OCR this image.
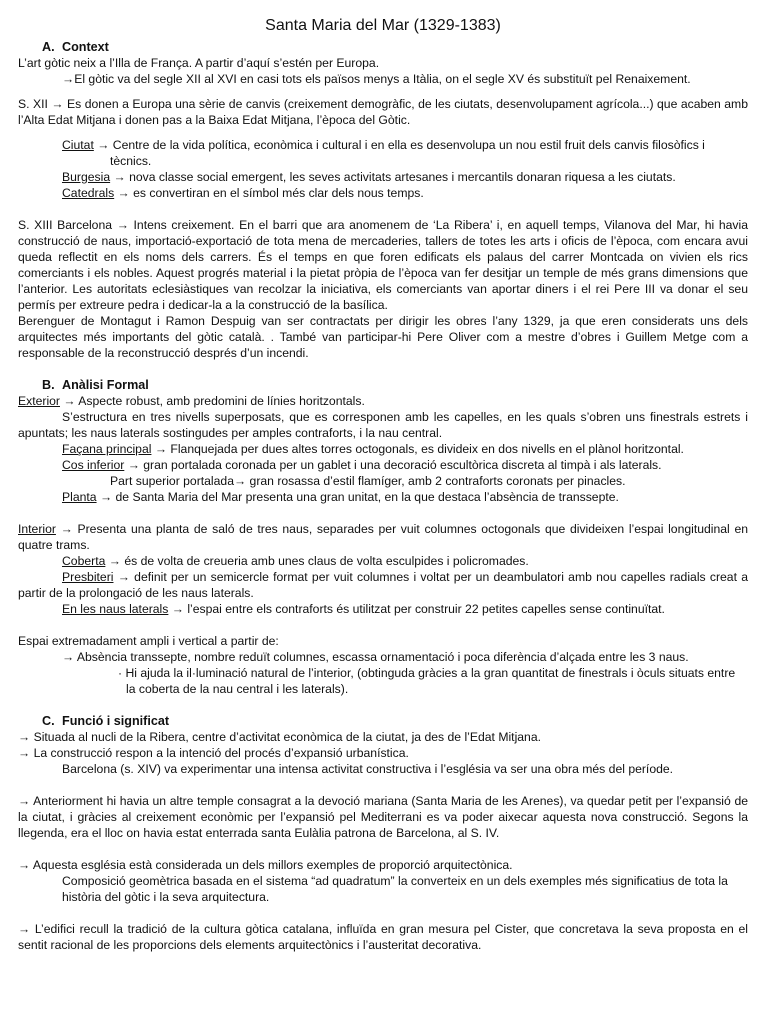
Santa Maria del Mar (1329-1383)
A. Context

L’art gòtic neix a l’Illa de França. A partir d’aquí s’estén per Europa.

→El gòtic va del segle XII al XVI en casi tots els països menys a Itàlia, on el segle XV és substituït pel Renaixement.

S. XII → Es donen a Europa una sèrie de canvis (creixement demogràfic, de les ciutats, desenvolupament agrícola...) que acaben amb l’Alta Edat Mitjana i donen pas a la Baixa Edat Mitjana, l’època del Gòtic.

Ciutat → Centre de la vida política, econòmica i cultural i en ella es desenvolupa un nou estil fruit dels canvis filosòfics i tècnics.

Burgesia → nova classe social emergent, les seves activitats artesanes i mercantils donaran riquesa a les ciutats.

Catedrals → es convertiran en el símbol més clar dels nous temps.

S. XIII Barcelona → Intens creixement. En el barri que ara anomenem de ‘La Ribera’ i, en aquell temps, Vilanova del Mar, hi havia construcció de naus, importació-exportació de tota mena de mercaderies, tallers de totes les arts i oficis de l’època, com encara avui queda reflectit en els noms dels carrers. És el temps en que foren edificats els palaus del carrer Montcada on vivien els rics comerciants i els nobles. Aquest progrés material i la pietat pròpia de l’època van fer desitjar un temple de més grans dimensions que l’anterior. Les autoritats eclesiàstiques van recolzar la iniciativa, els comerciants van aportar diners i el rei Pere III va donar el seu permís per extreure pedra i dedicar-la a la construcció de la basílica.

Berenguer de Montagut i Ramon Despuig van ser contractats per dirigir les obres l’any 1329, ja que eren considerats uns dels arquitectes més importants del gòtic català. . També van participar-hi Pere Oliver com a mestre d’obres i Guillem Metge com a responsable de la reconstrucció després d’un incendi.

B. Anàlisi Formal

Exterior → Aspecte robust, amb predomini de línies horitzontals.

S’estructura en tres nivells superposats, que es corresponen amb les capelles, en les quals s’obren uns finestrals estrets i apuntats; les naus laterals sostingudes per amples contraforts, i la nau central.

Façana principal → Flanquejada per dues altes torres octogonals, es divideix en dos nivells en el plànol horitzontal.

Cos inferior → gran portalada coronada per un gablet i una decoració escultòrica discreta al timpà i als laterals.

Part superior portalada→ gran rosassa d’estil flamíger, amb 2 contraforts coronats per pinacles.

Planta → de Santa Maria del Mar presenta una gran unitat, en la que destaca l’absència de transsepte.

Interior → Presenta una planta de saló de tres naus, separades per vuit columnes octogonals que divideixen l’espai longitudinal en quatre trams.

Coberta → és de volta de creueria amb unes claus de volta esculpides i policromades.

Presbiteri → definit per un semicercle format per vuit columnes i voltat per un deambulatori amb nou capelles radials creat a partir de la prolongació de les naus laterals.

En les naus laterals → l’espai entre els contraforts és utilitzat per construir 22 petites capelles sense continuïtat.

Espai extremadament ampli i vertical a partir de:

→ Absència transsepte, nombre reduït columnes, escassa ornamentació i poca diferència d’alçada entre les 3 naus.

· Hi ajuda la il·luminació natural de l’interior, (obtinguda gràcies a la gran quantitat de finestrals i òculs situats entre la coberta de la nau central i les laterals).

C. Funció i significat

→ Situada al nucli de la Ribera, centre d’activitat econòmica de la ciutat, ja des de l’Edat Mitjana.

→ La construcció respon a la intenció del procés d’expansió urbanística.

Barcelona (s. XIV) va experimentar una intensa activitat constructiva i l’església va ser una obra més del període.

→ Anteriorment hi havia un altre temple consagrat a la devoció mariana (Santa Maria de les Arenes), va quedar petit per l’expansió de la ciutat, i gràcies al creixement econòmic per l’expansió pel Mediterrani es va poder aixecar aquesta nova construcció. Segons la llegenda, era el lloc on havia estat enterrada santa Eulàlia patrona de Barcelona, al S. IV.

→ Aquesta església està considerada un dels millors exemples de proporció arquitectònica.

Composició geomètrica basada en el sistema “ad quadratum” la converteix en un dels exemples més significatius de tota la història del gòtic i la seva arquitectura.

→ L’edifici recull la tradició de la cultura gòtica catalana, influïda en gran mesura pel Cister, que concretava la seva proposta en el sentit racional de les proporcions dels elements arquitectònics i l’austeritat decorativa.
